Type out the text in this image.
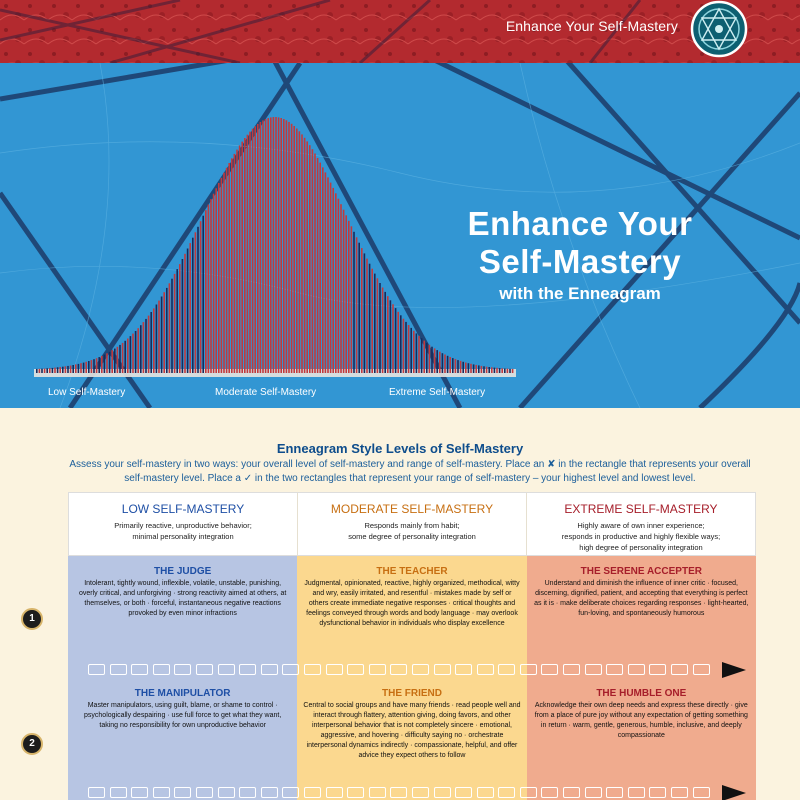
Enhance Your Self-Mastery
Enhance Your
Self-Mastery
with the Enneagram
Low Self-Mastery	Moderate Self-Mastery	Extreme Self-Mastery
Enneagram Style Levels of Self-Mastery
Assess your self-mastery in two ways: your overall level of self-mastery and range of self-mastery. Place an ✘ in the rectangle that represents your overall self-mastery level. Place a ✓ in the two rectangles that represent your range of self-mastery – your highest level and lowest level.
LOW SELF-MASTERY

Primarily reactive, unproductive behavior;

minimal personality integration

MODERATE SELF-MASTERY

Responds mainly from habit;

some degree of personality integration

EXTREME SELF-MASTERY

Highly aware of own inner experience;

responds in productive and highly flexible ways;

high degree of personality integration

THE JUDGE

Intolerant, tightly wound, inflexible, volatile, unstable, punishing, overly critical, and unforgiving · strong reactivity aimed at others, at themselves, or both · forceful, instantaneous negative reactions provoked by even minor infractions

THE TEACHER

Judgmental, opinionated, reactive, highly organized, methodical, witty and wry, easily irritated, and resentful · mistakes made by self or others create immediate negative responses · critical thoughts and feelings conveyed through words and body language · may overlook dysfunctional behavior in individuals who display excellence

THE SERENE ACCEPTER

Understand and diminish the influence of inner critic · focused, discerning, dignified, patient, and accepting that everything is perfect as it is · make deliberate choices regarding responses · light-hearted, fun-loving, and spontaneously humorous

THE MANIPULATOR

Master manipulators, using guilt, blame, or shame to control · psychologically despairing · use full force to get what they want, taking no responsibility for own unproductive behavior

THE FRIEND

Central to social groups and have many friends · read people well and interact through flattery, attention giving, doing favors, and other interpersonal behavior that is not completely sincere · emotional, aggressive, and hovering · difficulty saying no · orchestrate interpersonal dynamics indirectly · compassionate, helpful, and offer advice they expect others to follow

THE HUMBLE ONE

Acknowledge their own deep needs and express these directly · give from a place of pure joy without any expectation of getting something in return · warm, gentle, generous, humble, inclusive, and deeply compassionate

1
2
